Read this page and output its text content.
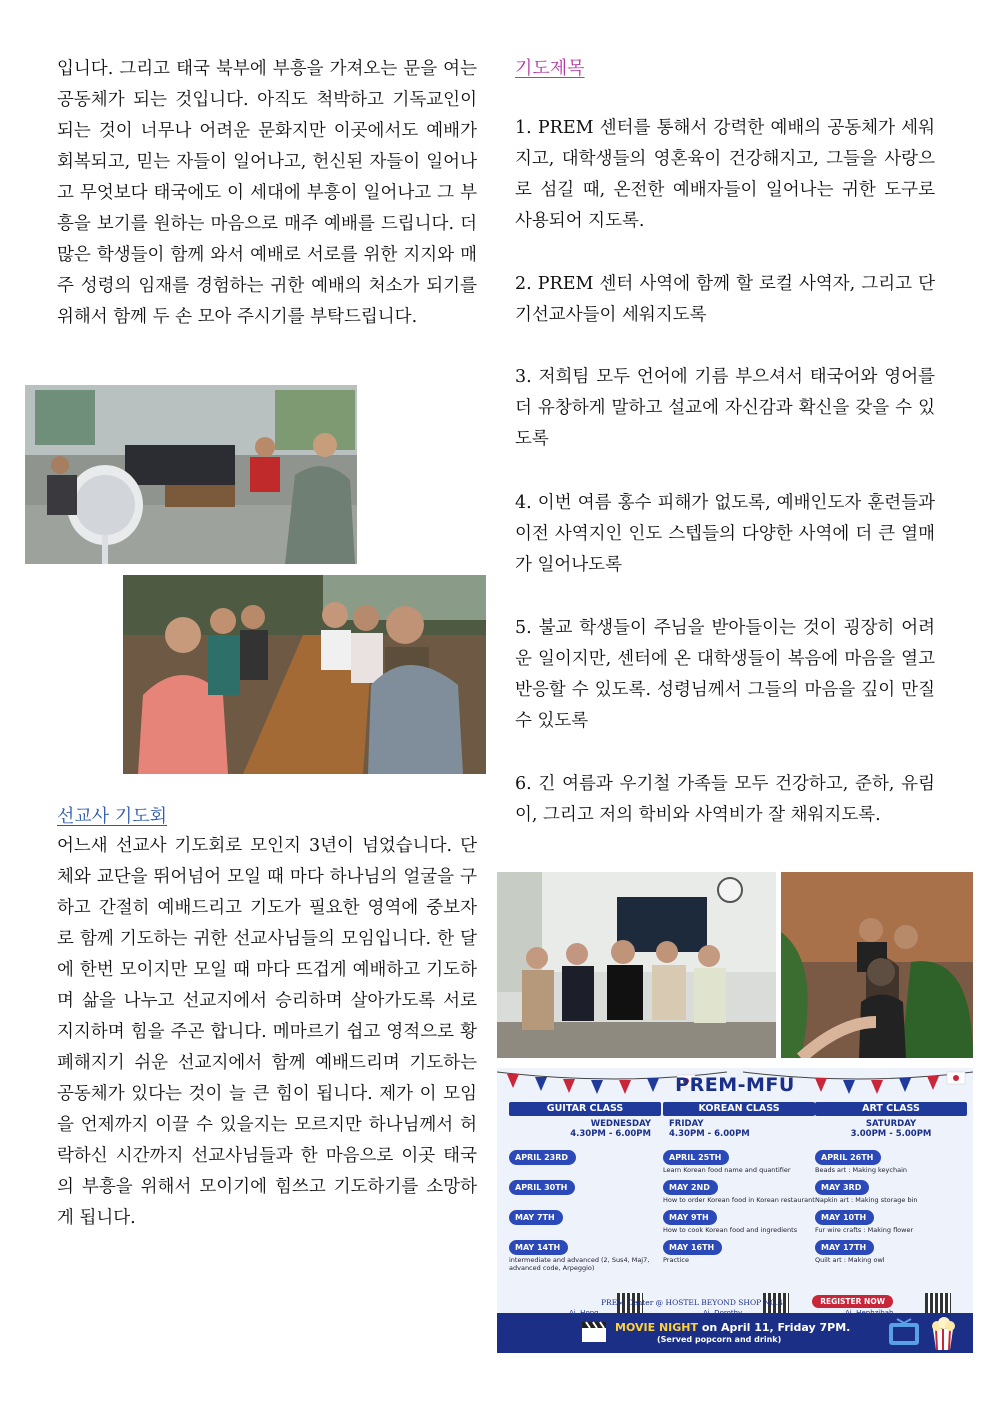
입니다. 그리고 태국 북부에 부흥을 가져오는 문을 여는 공동체가 되는 것입니다. 아직도 척박하고 기독교인이 되는 것이 너무나 어려운 문화지만 이곳에서도 예배가 회복되고, 믿는 자들이 일어나고, 헌신된 자들이 일어나고 무엇보다 태국에도 이 세대에 부흥이 일어나고 그 부흥을 보기를 원하는 마음으로 매주 예배를 드립니다. 더 많은 학생들이 함께 와서 예배로 서로를 위한 지지와 매주 성령의 임재를 경험하는 귀한 예배의 처소가 되기를 위해서 함께 두 손 모아 주시기를 부탁드립니다.
선교사 기도회
어느새 선교사 기도회로 모인지 3년이 넘었습니다. 단체와 교단을 뛰어넘어 모일 때 마다 하나님의 얼굴을 구하고 간절히 예배드리고 기도가 필요한 영역에 중보자로 함께 기도하는 귀한 선교사님들의 모임입니다. 한 달에 한번 모이지만 모일 때 마다 뜨겁게 예배하고 기도하며 삶을 나누고 선교지에서 승리하며 살아가도록 서로 지지하며 힘을 주곤 합니다. 메마르기 쉽고 영적으로 황폐해지기 쉬운 선교지에서 함께 예배드리며 기도하는 공동체가 있다는 것이 늘 큰 힘이 됩니다. 제가 이 모임을 언제까지 이끌 수 있을지는 모르지만 하나님께서 허락하신 시간까지 선교사님들과 한 마음으로 이곳 태국의 부흥을 위해서 모이기에 힘쓰고 기도하기를 소망하게 됩니다.
기도제목
1. PREM 센터를 통해서 강력한 예배의 공동체가 세워지고, 대학생들의 영혼육이 건강해지고, 그들을 사랑으로 섬길 때, 온전한 예배자들이 일어나는 귀한 도구로 사용되어 지도록.
2. PREM 센터 사역에 함께 할 로컬 사역자, 그리고 단기선교사들이 세워지도록
3. 저희팀 모두 언어에 기름 부으셔서 태국어와 영어를 더 유창하게 말하고 설교에 자신감과 확신을 갖을 수 있도록
4. 이번 여름 홍수 피해가 없도록, 예배인도자 훈련들과 이전 사역지인 인도 스텝들의 다양한 사역에 더 큰 열매가 일어나도록
5. 불교 학생들이 주님을 받아들이는 것이 굉장히 어려운 일이지만, 센터에 온 대학생들이 복음에 마음을 열고 반응할 수 있도록. 성령님께서 그들의 마음을 깊이 만질 수 있도록
6. 긴 여름과 우기철 가족들 모두 건강하고, 준하, 유림이, 그리고 저의 학비와 사역비가 잘 채워지도록.
PREM-MFU
GUITAR CLASS
WEDNESDAY
4.30PM - 6.00PM
APRIL 23RD
APRIL 30TH
MAY 7TH
MAY 14TH
intermediate and advanced (2, Sus4, Maj7, advanced code, Arpeggio)
KOREAN CLASS
FRIDAY
4.30PM - 6.00PM
APRIL 25TH
Learn Korean food name and quantifier
MAY 2ND
How to order Korean food in Korean restaurant
MAY 9TH
How to cook Korean food and ingredients
MAY 16TH
Practice
ART CLASS
SATURDAY
3.00PM - 5.00PM
APRIL 26TH
Beads art : Making keychain
MAY 3RD
Napkin art : Making storage bin
MAY 10TH
Fur wire crafts : Making flower
MAY 17TH
Quilt art : Making owl
PREM Center @ HOSTEL BEYOND SHOP NO.4	REGISTER NOW
MOVIE NIGHT on April 11, Friday 7PM.
(Served popcorn and drink)
